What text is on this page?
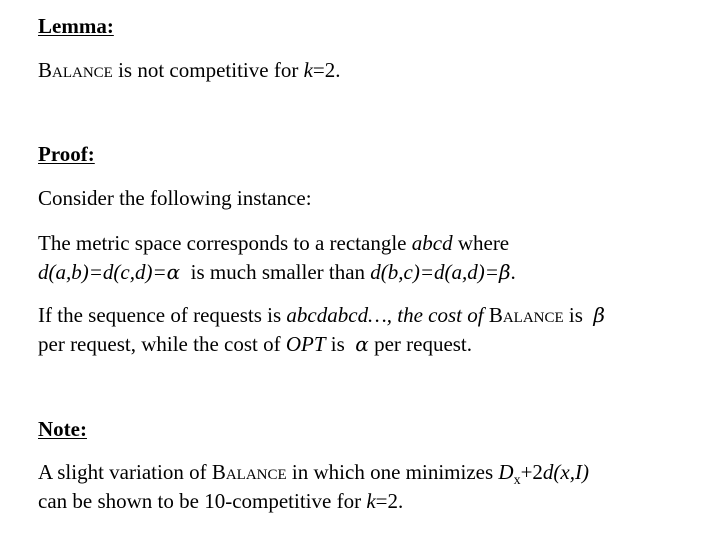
Lemma:
BALANCE is not competitive for k=2.
Proof:
Consider the following instance:
The metric space corresponds to a rectangle abcd where
d(a,b)=d(c,d)=α  is much smaller than d(b,c)=d(a,d)=β.
If the sequence of requests is abcdabcd…, the cost of BALANCE is  β
per request, while the cost of OPT is  α per request.
Note:
A slight variation of BALANCE in which one minimizes $D_x+2d(x,I)$
can be shown to be 10-competitive for k=2.
